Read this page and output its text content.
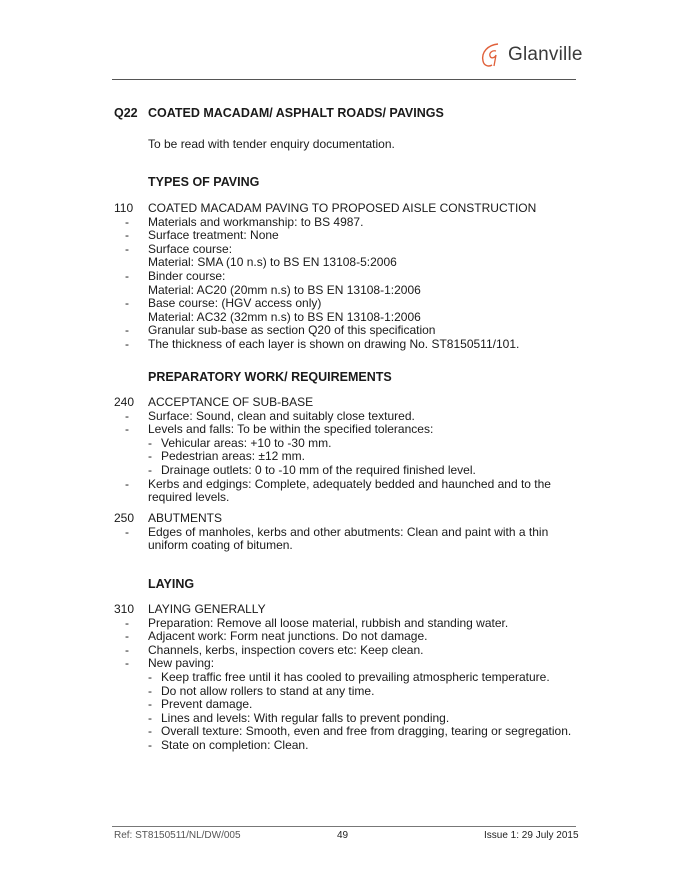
Glanville
Q22 COATED MACADAM/ ASPHALT ROADS/ PAVINGS
To be read with tender enquiry documentation.
TYPES OF PAVING
110 COATED MACADAM PAVING TO PROPOSED AISLE CONSTRUCTION
- Materials and workmanship: to BS 4987.
- Surface treatment: None
- Surface course:
Material: SMA (10 n.s) to BS EN 13108-5:2006
- Binder course:
Material: AC20 (20mm n.s) to BS EN 13108-1:2006
- Base course: (HGV access only)
Material: AC32 (32mm n.s) to BS EN 13108-1:2006
- Granular sub-base as section Q20 of this specification
- The thickness of each layer is shown on drawing No. ST8150511/101.
PREPARATORY WORK/ REQUIREMENTS
240 ACCEPTANCE OF SUB-BASE
- Surface: Sound, clean and suitably close textured.
- Levels and falls: To be within the specified tolerances:
- Vehicular areas: +10 to -30 mm.
- Pedestrian areas: ±12 mm.
- Drainage outlets: 0 to -10 mm of the required finished level.
- Kerbs and edgings: Complete, adequately bedded and haunched and to the required levels.
250 ABUTMENTS
- Edges of manholes, kerbs and other abutments: Clean and paint with a thin uniform coating of bitumen.
LAYING
310 LAYING GENERALLY
- Preparation: Remove all loose material, rubbish and standing water.
- Adjacent work: Form neat junctions. Do not damage.
- Channels, kerbs, inspection covers etc: Keep clean.
- New paving:
- Keep traffic free until it has cooled to prevailing atmospheric temperature.
- Do not allow rollers to stand at any time.
- Prevent damage.
- Lines and levels: With regular falls to prevent ponding.
- Overall texture: Smooth, even and free from dragging, tearing or segregation.
- State on completion: Clean.
Ref: ST8150511/NL/DW/005	49	Issue 1: 29 July 2015
